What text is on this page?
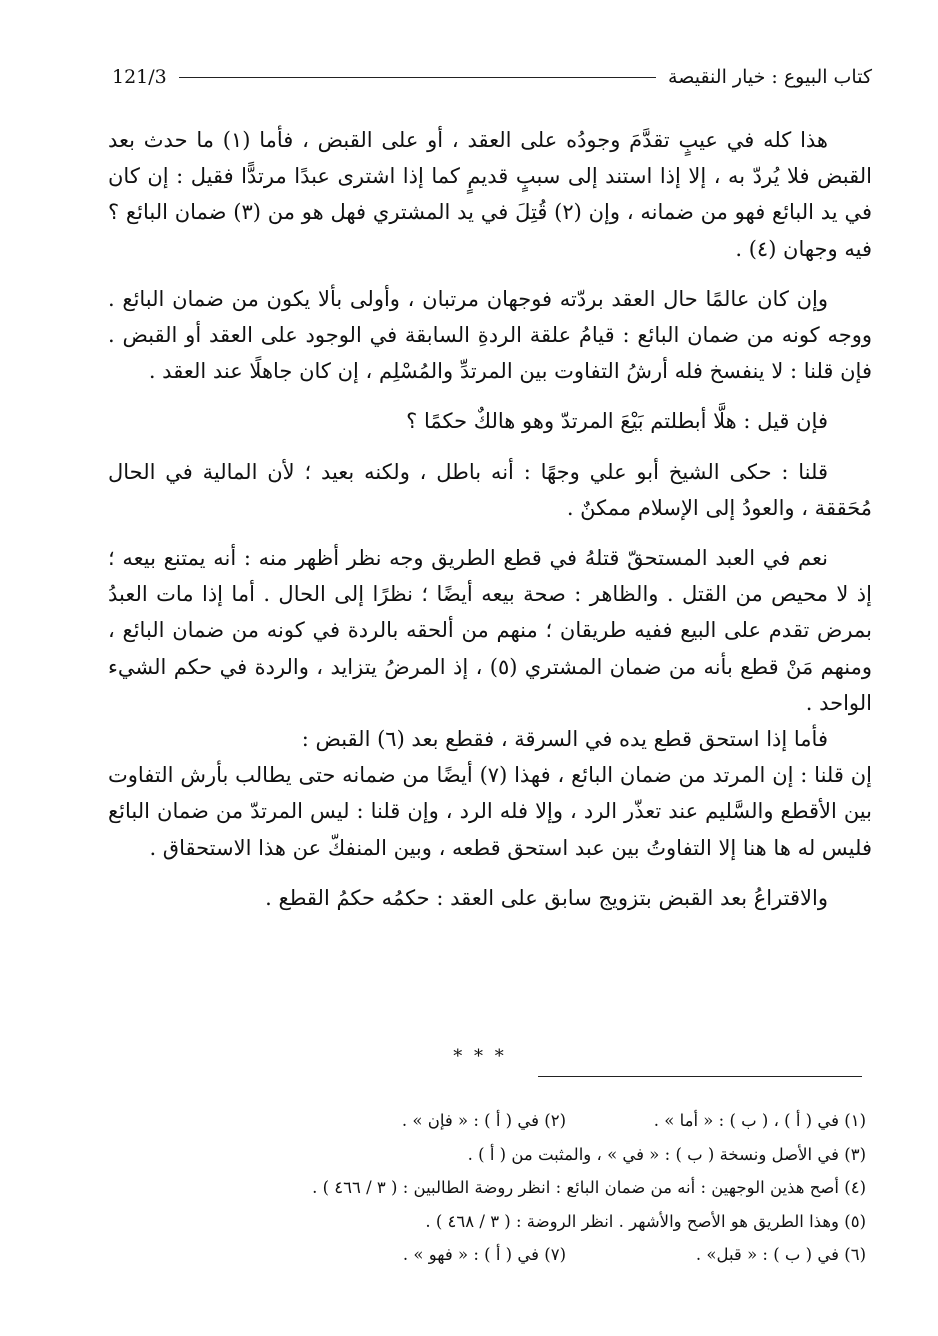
كتاب البيوع : خيار النقيصة
121/3

هذا كله في عيبٍ تقدَّمَ وجودُه على العقد ، أو على القبض ، فأما (١) ما حدث بعد القبض فلا يُردّ به ، إلا إذا استند إلى سببٍ قديمٍ كما إذا اشترى عبدًا مرتدًّا فقيل : إن كان في يد البائع فهو من ضمانه ، وإن (٢) قُتِلَ في يد المشتري فهل هو من (٣) ضمان البائع ؟ فيه وجهان (٤) .

وإن كان عالمًا حال العقد بردّته فوجهان مرتبان ، وأولى بألا يكون من ضمان البائع . ووجه كونه من ضمان البائع : قيامُ علقة الردةِ السابقة في الوجود على العقد أو القبض . فإن قلنا : لا ينفسخ فله أرشُ التفاوت بين المرتدِّ والمُسْلِم ، إن كان جاهلًا عند العقد .

فإن قيل : هلَّا أبطلتم بَيْعَ المرتدّ وهو هالكٌ حكمًا ؟

قلنا : حكى الشيخ أبو علي وجهًا : أنه باطل ، ولكنه بعيد ؛ لأن المالية في الحال مُحَققة ، والعودُ إلى الإسلام ممكنٌ .

نعم في العبد المستحقّ قتلهُ في قطع الطريق وجه نظر أظهر منه : أنه يمتنع بيعه ؛ إذ لا محيص من القتل . والظاهر : صحة بيعه أيضًا ؛ نظرًا إلى الحال . أما إذا مات العبدُ بمرض تقدم على البيع ففيه طريقان ؛ منهم من ألحقه بالردة في كونه من ضمان البائع ، ومنهم مَنْ قطع بأنه من ضمان المشتري (٥) ، إذ المرضُ يتزايد ، والردة في حكم الشيء الواحد .

فأما إذا استحق قطع يده في السرقة ، فقطع بعد (٦) القبض :

إن قلنا : إن المرتد من ضمان البائع ، فهذا (٧) أيضًا من ضمانه حتى يطالب بأرش التفاوت بين الأقطع والسَّليم عند تعذّر الرد ، وإلا فله الرد ، وإن قلنا : ليس المرتدّ من ضمان البائع فليس له ها هنا إلا التفاوتُ بين عبد استحق قطعه ، وبين المنفكّ عن هذا الاستحقاق .

والاقتراعُ بعد القبض بتزويج سابق على العقد : حكمُه حكمُ القطع .

* * *
(١) في ( أ ) ، ( ب ) : « أما » .
(٢) في ( أ ) : « فإن » .
(٣) في الأصل ونسخة ( ب ) : « في » ، والمثبت من ( أ ) .
(٤) أصح هذين الوجهين : أنه من ضمان البائع : انظر روضة الطالبين : ( ٣ / ٤٦٦ ) .
(٥) وهذا الطريق هو الأصح والأشهر . انظر الروضة : ( ٣ / ٤٦٨ ) .
(٦) في ( ب ) : « قبل» .
(٧) في ( أ ) : « فهو » .
